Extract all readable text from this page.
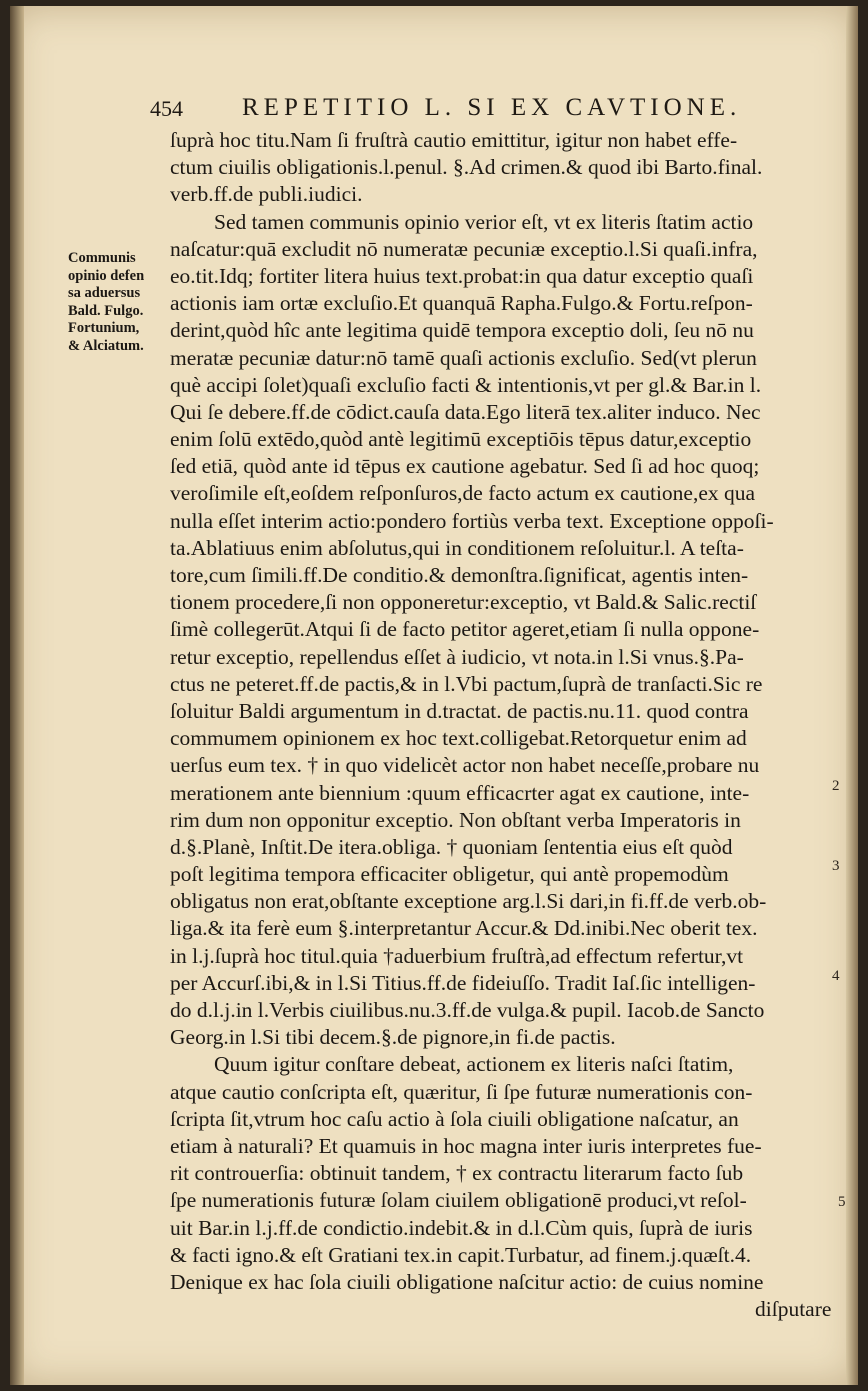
454 REPETITIO L. SI EX CAVTIONE.
Communis
opinio defen
sa aduersus
Bald. Fulgo.
Fortunium,
& Alciatum.
2
3
4
5
ſuprà hoc titu.Nam ſi fruſtrà cautio emittitur, igitur non habet effe-
ctum ciuilis obligationis.l.penul. §.Ad crimen.& quod ibi Barto.final.
verb.ff.de publi.iudici.
Sed tamen communis opinio verior eſt, vt ex literis ſtatim actio
naſcatur:quā excludit nō numeratæ pecuniæ exceptio.l.Si quaſi.infra,
eo.tit.Idq; fortiter litera huius text.probat:in qua datur exceptio quaſi
actionis iam ortæ excluſio.Et quanquā Rapha.Fulgo.& Fortu.reſpon-
derint,quòd hîc ante legitima quidē tempora exceptio doli, ſeu nō nu
meratæ pecuniæ datur:nō tamē quaſi actionis excluſio. Sed(vt plerun
què accipi ſolet)quaſi excluſio facti & intentionis,vt per gl.& Bar.in l.
Qui ſe debere.ff.de cōdict.cauſa data.Ego literā tex.aliter induco. Nec
enim ſolū extēdo,quòd antè legitimū exceptiōis tēpus datur,exceptio
ſed etiā, quòd ante id tēpus ex cautione agebatur. Sed ſi ad hoc quoq;
veroſimile eſt,eoſdem reſponſuros,de facto actum ex cautione,ex qua
nulla eſſet interim actio:pondero fortiùs verba text. Exceptione oppoſi-
ta.Ablatiuus enim abſolutus,qui in conditionem reſoluitur.l. A teſta-
tore,cum ſimili.ff.De conditio.& demonſtra.ſignificat, agentis inten-
tionem procedere,ſi non opponeretur:exceptio, vt Bald.& Salic.rectiſ
ſimè collegerūt.Atqui ſi de facto petitor ageret,etiam ſi nulla oppone-
retur exceptio, repellendus eſſet à iudicio, vt nota.in l.Si vnus.§.Pa-
ctus ne peteret.ff.de pactis,& in l.Vbi pactum,ſuprà de tranſacti.Sic re
ſoluitur Baldi argumentum in d.tractat. de pactis.nu.11. quod contra
commumem opinionem ex hoc text.colligebat.Retorquetur enim ad
uerſus eum tex. † in quo videlicèt actor non habet neceſſe,probare nu
merationem ante biennium :quum efficacrter agat ex cautione, inte-
rim dum non opponitur exceptio. Non obſtant verba Imperatoris in
d.§.Planè, Inſtit.De itera.obliga. † quoniam ſententia eius eſt quòd
poſt legitima tempora efficaciter obligetur, qui antè propemodùm
obligatus non erat,obſtante exceptione arg.l.Si dari,in fi.ff.de verb.ob-
liga.& ita ferè eum §.interpretantur Accur.& Dd.inibi.Nec oberit tex.
in l.j.ſuprà hoc titul.quia †aduerbium fruſtrà,ad effectum refertur,vt
per Accurſ.ibi,& in l.Si Titius.ff.de fideiuſſo. Tradit Iaſ.ſic intelligen-
do d.l.j.in l.Verbis ciuilibus.nu.3.ff.de vulga.& pupil. Iacob.de Sancto
Georg.in l.Si tibi decem.§.de pignore,in fi.de pactis.
Quum igitur conſtare debeat, actionem ex literis naſci ſtatim,
atque cautio conſcripta eſt, quæritur, ſi ſpe futuræ numerationis con-
ſcripta ſit,vtrum hoc caſu actio à ſola ciuili obligatione naſcatur, an
etiam à naturali? Et quamuis in hoc magna inter iuris interpretes fue-
rit controuerſia: obtinuit tandem, † ex contractu literarum facto ſub
ſpe numerationis futuræ ſolam ciuilem obligationē produci,vt reſol-
uit Bar.in l.j.ff.de condictio.indebit.& in d.l.Cùm quis, ſuprà de iuris
& facti igno.& eſt Gratiani tex.in capit.Turbatur, ad finem.j.quæſt.4.
Denique ex hac ſola ciuili obligatione naſcitur actio: de cuius nomine
diſputare
